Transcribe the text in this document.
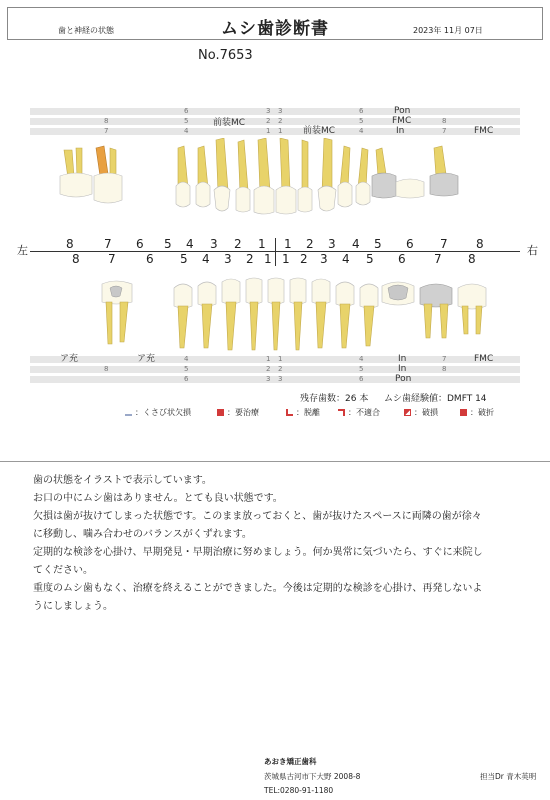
歯と神経の状態	ムシ歯診断書	2023年 11月 07日
No.7653
6	3 3	6	Pon
8	5	2 2	5	FMC	8
7	4	1 1	4	In	7
前装MC
前装MC	FMC
左	右
8	7 6 5 4 3 2 1 1 2 3 4 5 6 7 8
8 7	6 5 4 3 2 1 1 2 3 4 5 6 7 8
ア充	ア充	4	1 1	4	In	7	FMC
8	5	2 2	5	In	8
6	3 3	6	Pon
残存歯数：26 本 ムシ歯経験値：DMFT 14
：くさび状欠損	：要治療	：脱離	：不適合	：破損	：破折
歯の状態をイラストで表示しています。
お口の中にムシ歯はありません。とても良い状態です。
欠損は歯が抜けてしまった状態です。このまま放っておくと、歯が抜けたスペースに両隣の歯が徐々
に移動し、噛み合わせのバランスがくずれます。
定期的な検診を心掛け、早期発見・早期治療に努めましょう。何か異常に気づいたら、すぐに来院し
てください。
重度のムシ歯もなく、治療を終えることができました。今後は定期的な検診を心掛け、再発しないよ
うにしましょう。
あおき矯正歯科
茨城県古河市下大野 2008-8
TEL:0280-91-1180
担当Dr 青木英明
